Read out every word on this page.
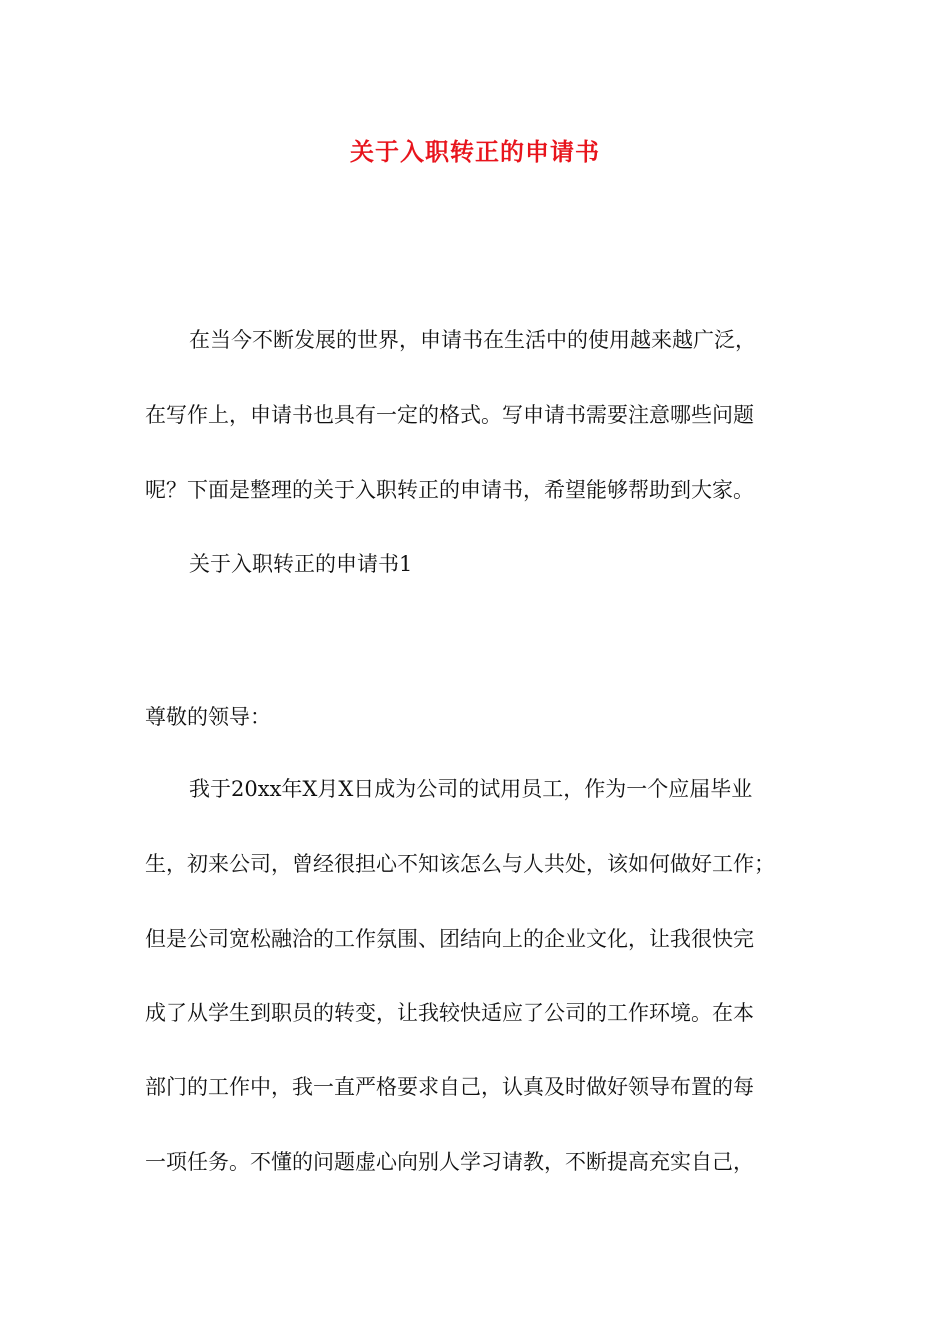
关于入职转正的申请书
在当今不断发展的世界，申请书在生活中的使用越来越广泛，
在写作上，申请书也具有一定的格式。写申请书需要注意哪些问题
呢？下面是整理的关于入职转正的申请书，希望能够帮助到大家。
关于入职转正的申请书1
尊敬的领导：
我于20xx年X月X日成为公司的试用员工，作为一个应届毕业
生，初来公司，曾经很担心不知该怎么与人共处，该如何做好工作；
但是公司宽松融洽的工作氛围、团结向上的企业文化，让我很快完
成了从学生到职员的转变，让我较快适应了公司的工作环境。在本
部门的工作中，我一直严格要求自己，认真及时做好领导布置的每
一项任务。不懂的问题虚心向别人学习请教，不断提高充实自己，
